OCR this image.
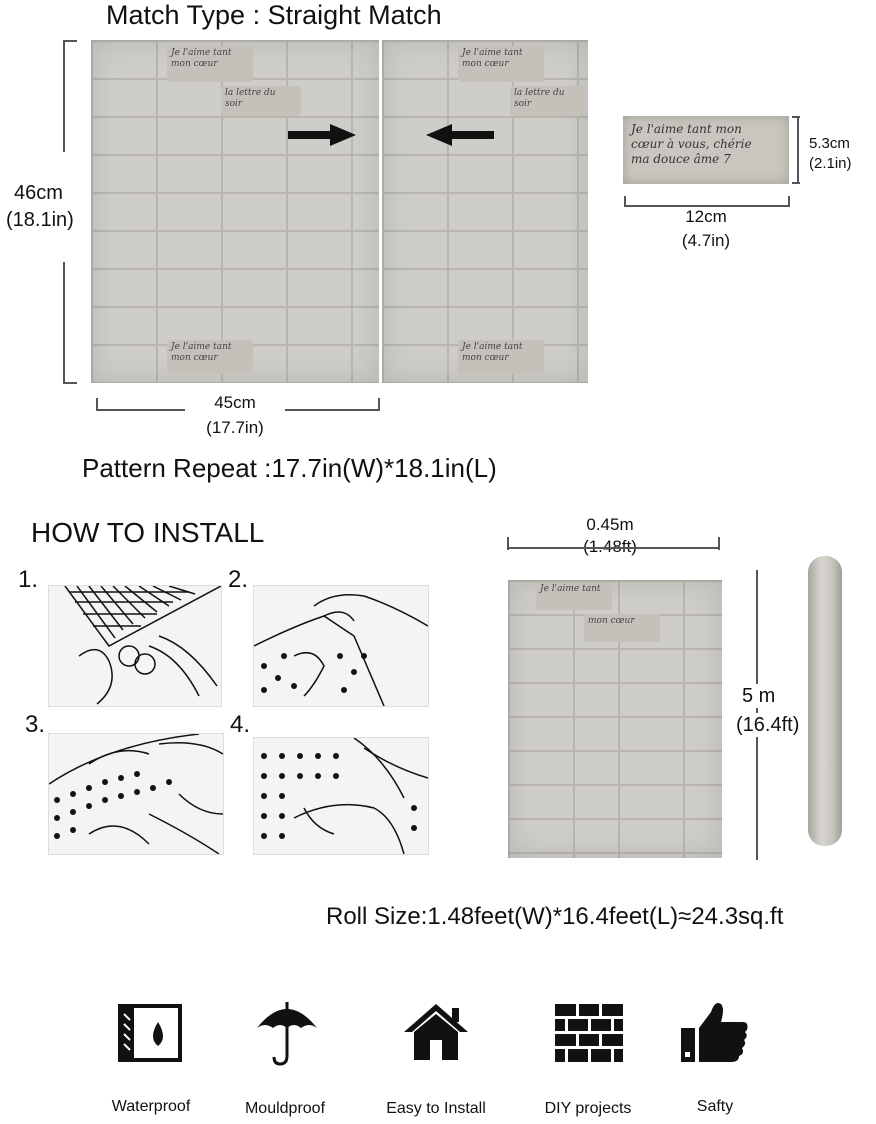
Match Type : Straight Match
46cm
(18.1in)
Je l'aime tant
mon cœur
la lettre du
soir
Je l'aime tant
mon cœur
Je l'aime tant
mon cœur
la lettre du
soir
Je l'aime tant
mon cœur
45cm
(17.7in)
Je l'aime tant mon
cœur à vous, chérie
ma douce âme 7
5.3cm
(2.1in)
12cm
(4.7in)
Pattern Repeat :17.7in(W)*18.1in(L)
HOW TO INSTALL
1.	2.
3.	4.
0.45m
Je l'aime tant
mon cœur
5 m
(16.4ft)
Roll Size:1.48feet(W)*16.4feet(L)≈24.3sq.ft
Waterproof	Mouldproof	Easy to Install	DIY projects	Safty
